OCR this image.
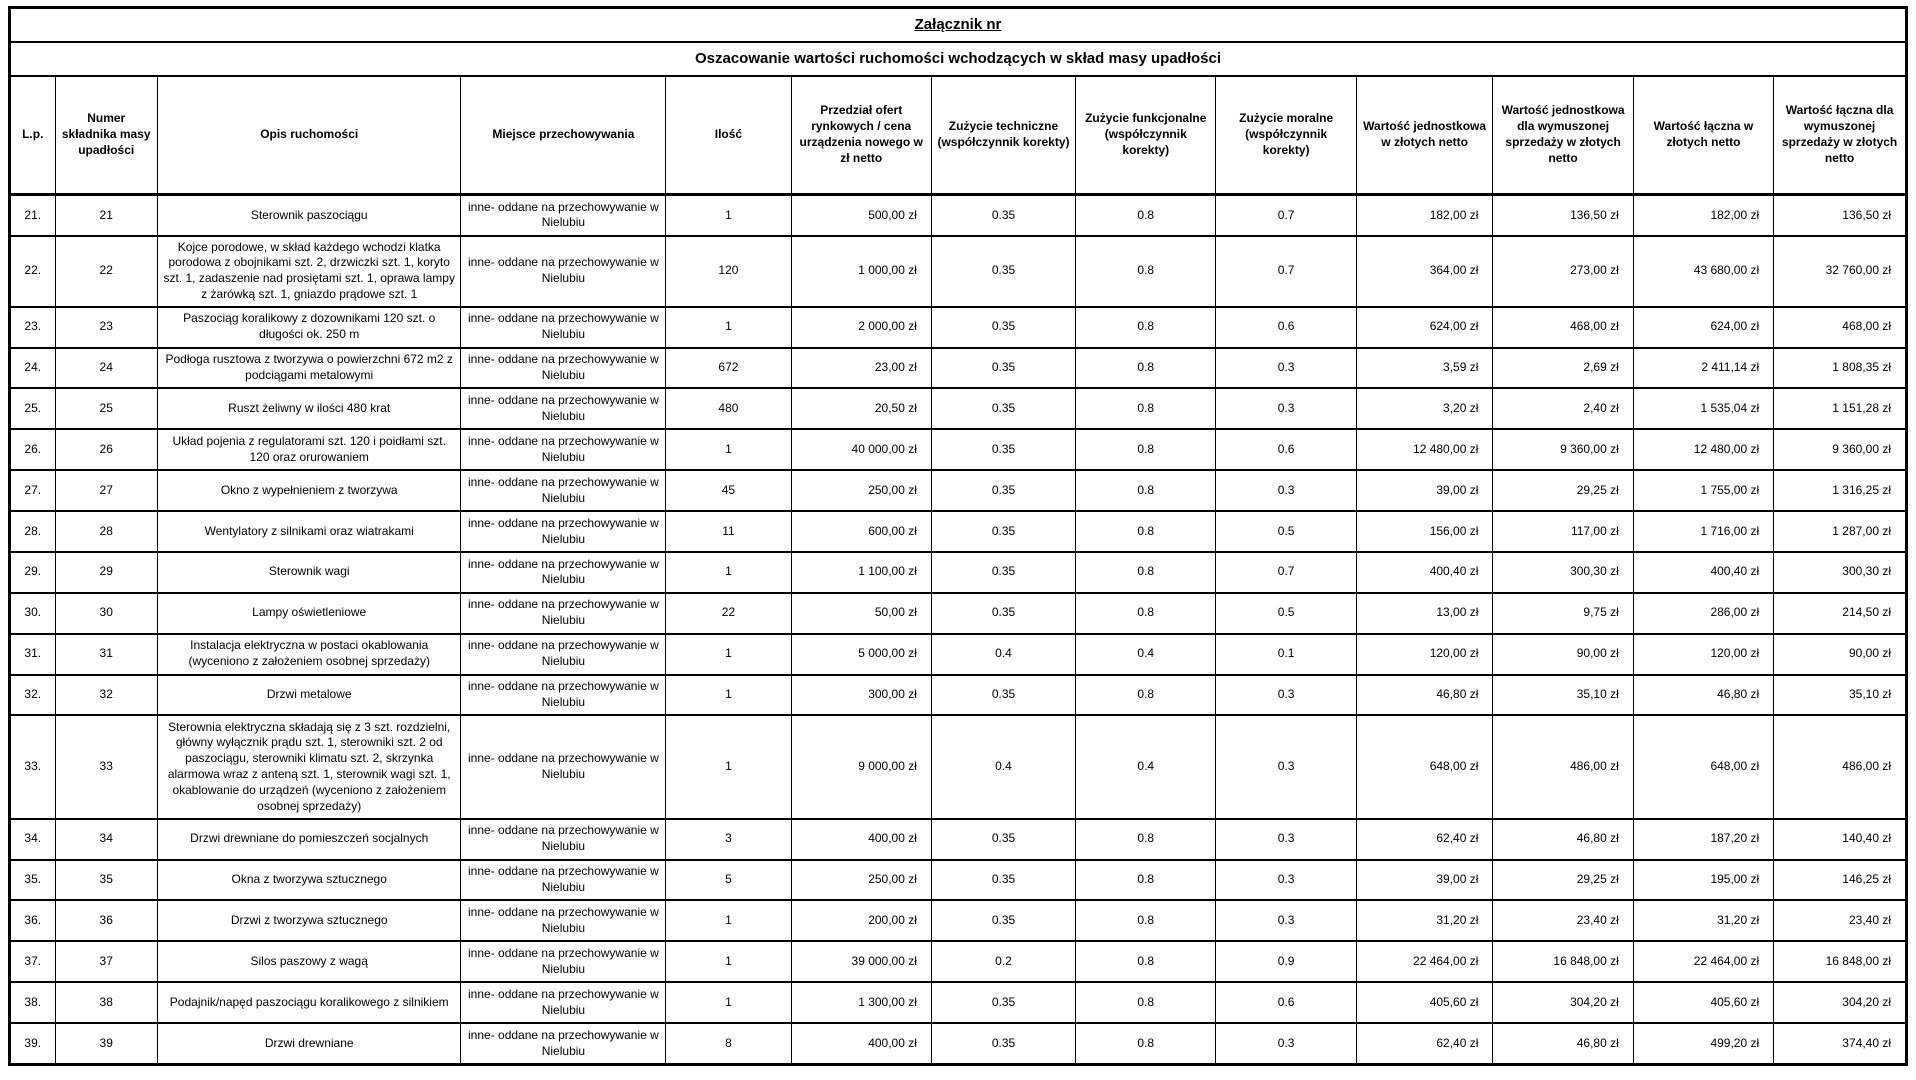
Załącznik nr												
Oszacowanie wartości ruchomości wchodzących w skład masy upadłości												
L.p.	Numer składnika masy upadłości	Opis ruchomości	Miejsce przechowywania	Ilość	Przedział ofert rynkowych / cena urządzenia nowego w zł netto	Zużycie techniczne (współczynnik korekty)	Zużycie funkcjonalne (współczynnik korekty)	Zużycie moralne (współczynnik korekty)	Wartość jednostkowa w złotych netto	Wartość jednostkowa dla wymuszonej sprzedaży w złotych netto	Wartość łączna w złotych netto	Wartość łączna dla wymuszonej sprzedaży w złotych netto
21.	21	Sterownik paszociągu	inne- oddane na przechowywanie w Nielubiu	1	500,00 zł	0.35	0.8	0.7	182,00 zł	136,50 zł	182,00 zł	136,50 zł
22.	22	Kojce porodowe, w skład każdego wchodzi klatka porodowa z obojnikami szt. 2, drzwiczki szt. 1, koryto szt. 1, zadaszenie nad prosiętami szt. 1, oprawa lampy z żarówką szt. 1, gniazdo prądowe szt. 1	inne- oddane na przechowywanie w Nielubiu	120	1 000,00 zł	0.35	0.8	0.7	364,00 zł	273,00 zł	43 680,00 zł	32 760,00 zł
23.	23	Paszociąg koralikowy z dozownikami 120 szt. o długości ok. 250 m	inne- oddane na przechowywanie w Nielubiu	1	2 000,00 zł	0.35	0.8	0.6	624,00 zł	468,00 zł	624,00 zł	468,00 zł
24.	24	Podłoga rusztowa z tworzywa o powierzchni 672 m2 z podciągami metalowymi	inne- oddane na przechowywanie w Nielubiu	672	23,00 zł	0.35	0.8	0.3	3,59 zł	2,69 zł	2 411,14 zł	1 808,35 zł
25.	25	Ruszt żeliwny w ilości 480 krat	inne- oddane na przechowywanie w Nielubiu	480	20,50 zł	0.35	0.8	0.3	3,20 zł	2,40 zł	1 535,04 zł	1 151,28 zł
26.	26	Układ pojenia z regulatorami szt. 120 i poidłami szt. 120 oraz orurowaniem	inne- oddane na przechowywanie w Nielubiu	1	40 000,00 zł	0.35	0.8	0.6	12 480,00 zł	9 360,00 zł	12 480,00 zł	9 360,00 zł
27.	27	Okno z wypełnieniem z tworzywa	inne- oddane na przechowywanie w Nielubiu	45	250,00 zł	0.35	0.8	0.3	39,00 zł	29,25 zł	1 755,00 zł	1 316,25 zł
28.	28	Wentylatory z silnikami oraz wiatrakami	inne- oddane na przechowywanie w Nielubiu	11	600,00 zł	0.35	0.8	0.5	156,00 zł	117,00 zł	1 716,00 zł	1 287,00 zł
29.	29	Sterownik wagi	inne- oddane na przechowywanie w Nielubiu	1	1 100,00 zł	0.35	0.8	0.7	400,40 zł	300,30 zł	400,40 zł	300,30 zł
30.	30	Lampy oświetleniowe	inne- oddane na przechowywanie w Nielubiu	22	50,00 zł	0.35	0.8	0.5	13,00 zł	9,75 zł	286,00 zł	214,50 zł
31.	31	Instalacja elektryczna w postaci okablowania (wyceniono z założeniem osobnej sprzedaży)	inne- oddane na przechowywanie w Nielubiu	1	5 000,00 zł	0.4	0.4	0.1	120,00 zł	90,00 zł	120,00 zł	90,00 zł
32.	32	Drzwi metalowe	inne- oddane na przechowywanie w Nielubiu	1	300,00 zł	0.35	0.8	0.3	46,80 zł	35,10 zł	46,80 zł	35,10 zł
33.	33	Sterownia elektryczna składają się z 3 szt. rozdzielni, główny wyłącznik prądu szt. 1, sterowniki szt. 2 od paszociągu, sterowniki klimatu szt. 2, skrzynka alarmowa wraz z anteną szt. 1, sterownik wagi szt. 1, okablowanie do urządzeń (wyceniono z założeniem osobnej sprzedaży)	inne- oddane na przechowywanie w Nielubiu	1	9 000,00 zł	0.4	0.4	0.3	648,00 zł	486,00 zł	648,00 zł	486,00 zł
34.	34	Drzwi drewniane do pomieszczeń socjalnych	inne- oddane na przechowywanie w Nielubiu	3	400,00 zł	0.35	0.8	0.3	62,40 zł	46,80 zł	187,20 zł	140,40 zł
35.	35	Okna z tworzywa sztucznego	inne- oddane na przechowywanie w Nielubiu	5	250,00 zł	0.35	0.8	0.3	39,00 zł	29,25 zł	195,00 zł	146,25 zł
36.	36	Drzwi z tworzywa sztucznego	inne- oddane na przechowywanie w Nielubiu	1	200,00 zł	0.35	0.8	0.3	31,20 zł	23,40 zł	31,20 zł	23,40 zł
37.	37	Silos paszowy z wagą	inne- oddane na przechowywanie w Nielubiu	1	39 000,00 zł	0.2	0.8	0.9	22 464,00 zł	16 848,00 zł	22 464,00 zł	16 848,00 zł
38.	38	Podajnik/napęd paszociągu koralikowego z silnikiem	inne- oddane na przechowywanie w Nielubiu	1	1 300,00 zł	0.35	0.8	0.6	405,60 zł	304,20 zł	405,60 zł	304,20 zł
39.	39	Drzwi drewniane	inne- oddane na przechowywanie w Nielubiu	8	400,00 zł	0.35	0.8	0.3	62,40 zł	46,80 zł	499,20 zł	374,40 zł
